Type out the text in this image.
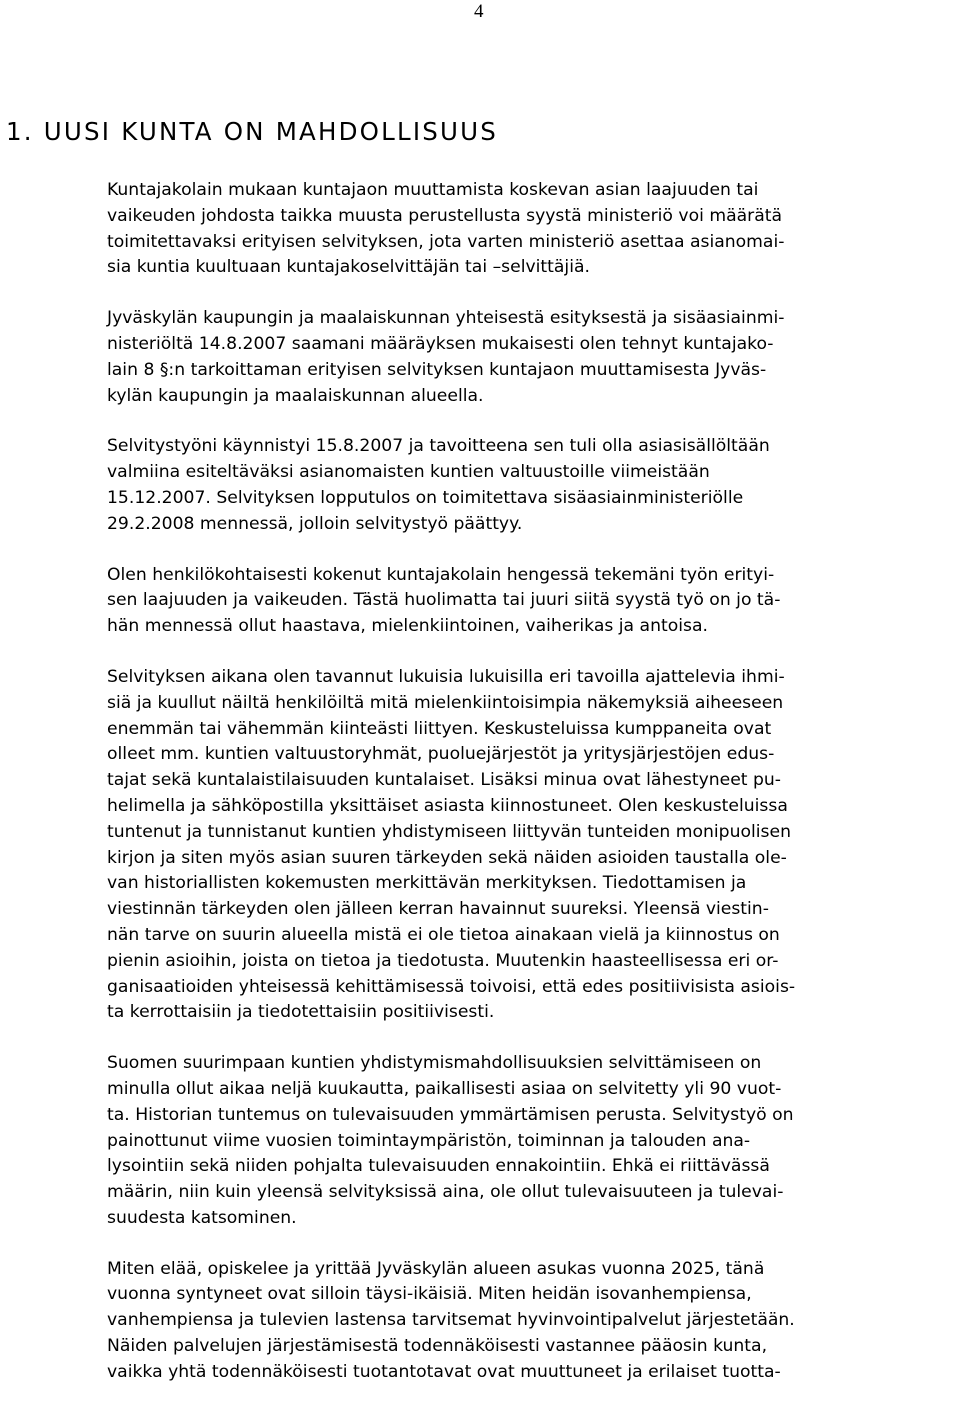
4
1. UUSI KUNTA ON MAHDOLLISUUS
Kuntajakolain mukaan kuntajaon muuttamista koskevan asian laajuuden tai
vaikeuden johdosta taikka muusta perustellusta syystä ministeriö voi määrätä
toimitettavaksi erityisen selvityksen, jota varten ministeriö asettaa asianomai-
sia kuntia kuultuaan kuntajakoselvittäjän tai –selvittäjiä.
Jyväskylän kaupungin ja maalaiskunnan yhteisestä esityksestä ja sisäasiainmi-
nisteriöltä 14.8.2007 saamani määräyksen mukaisesti olen tehnyt kuntajako-
lain 8 §:n tarkoittaman erityisen selvityksen kuntajaon muuttamisesta Jyväs-
kylän kaupungin ja maalaiskunnan alueella.
Selvitystyöni käynnistyi 15.8.2007 ja tavoitteena sen tuli olla asiasisällöltään
valmiina esiteltäväksi asianomaisten kuntien valtuustoille viimeistään
15.12.2007. Selvityksen lopputulos on toimitettava sisäasiainministeriölle
29.2.2008 mennessä, jolloin selvitystyö päättyy.
Olen henkilökohtaisesti kokenut kuntajakolain hengessä tekemäni työn erityi-
sen laajuuden ja vaikeuden. Tästä huolimatta tai juuri siitä syystä työ on jo tä-
hän mennessä ollut haastava, mielenkiintoinen, vaiherikas ja antoisa.
Selvityksen aikana olen tavannut lukuisia lukuisilla eri tavoilla ajattelevia ihmi-
siä ja kuullut näiltä henkilöiltä mitä mielenkiintoisimpia näkemyksiä aiheeseen
enemmän tai vähemmän kiinteästi liittyen. Keskusteluissa kumppaneita ovat
olleet mm. kuntien valtuustoryhmät, puoluejärjestöt ja yritysjärjestöjen edus-
tajat sekä kuntalaistilaisuuden kuntalaiset. Lisäksi minua ovat lähestyneet pu-
helimella ja sähköpostilla yksittäiset asiasta kiinnostuneet. Olen keskusteluissa
tuntenut ja tunnistanut kuntien yhdistymiseen liittyvän tunteiden monipuolisen
kirjon ja siten myös asian suuren tärkeyden sekä näiden asioiden taustalla ole-
van historiallisten kokemusten merkittävän merkityksen. Tiedottamisen ja
viestinnän tärkeyden olen jälleen kerran havainnut suureksi. Yleensä viestin-
nän tarve on suurin alueella mistä ei ole tietoa ainakaan vielä ja kiinnostus on
pienin asioihin, joista on tietoa ja tiedotusta. Muutenkin haasteellisessa eri or-
ganisaatioiden yhteisessä kehittämisessä toivoisi, että edes positiivisista asiois-
ta kerrottaisiin ja tiedotettaisiin positiivisesti.
Suomen suurimpaan kuntien yhdistymismahdollisuuksien selvittämiseen on
minulla ollut aikaa neljä kuukautta, paikallisesti asiaa on selvitetty yli 90 vuot-
ta. Historian tuntemus on tulevaisuuden ymmärtämisen perusta. Selvitystyö on
painottunut viime vuosien toimintaympäristön, toiminnan ja talouden ana-
lysointiin sekä niiden pohjalta tulevaisuuden ennakointiin. Ehkä ei riittävässä
määrin, niin kuin yleensä selvityksissä aina, ole ollut tulevaisuuteen ja tulevai-
suudesta katsominen.
Miten elää, opiskelee ja yrittää Jyväskylän alueen asukas vuonna 2025, tänä
vuonna syntyneet ovat silloin täysi-ikäisiä. Miten heidän isovanhempiensa,
vanhempiensa ja tulevien lastensa tarvitsemat hyvinvointipalvelut järjestetään.
Näiden palvelujen järjestämisestä todennäköisesti vastannee pääosin kunta,
vaikka yhtä todennäköisesti tuotantotavat ovat muuttuneet ja erilaiset tuotta-
